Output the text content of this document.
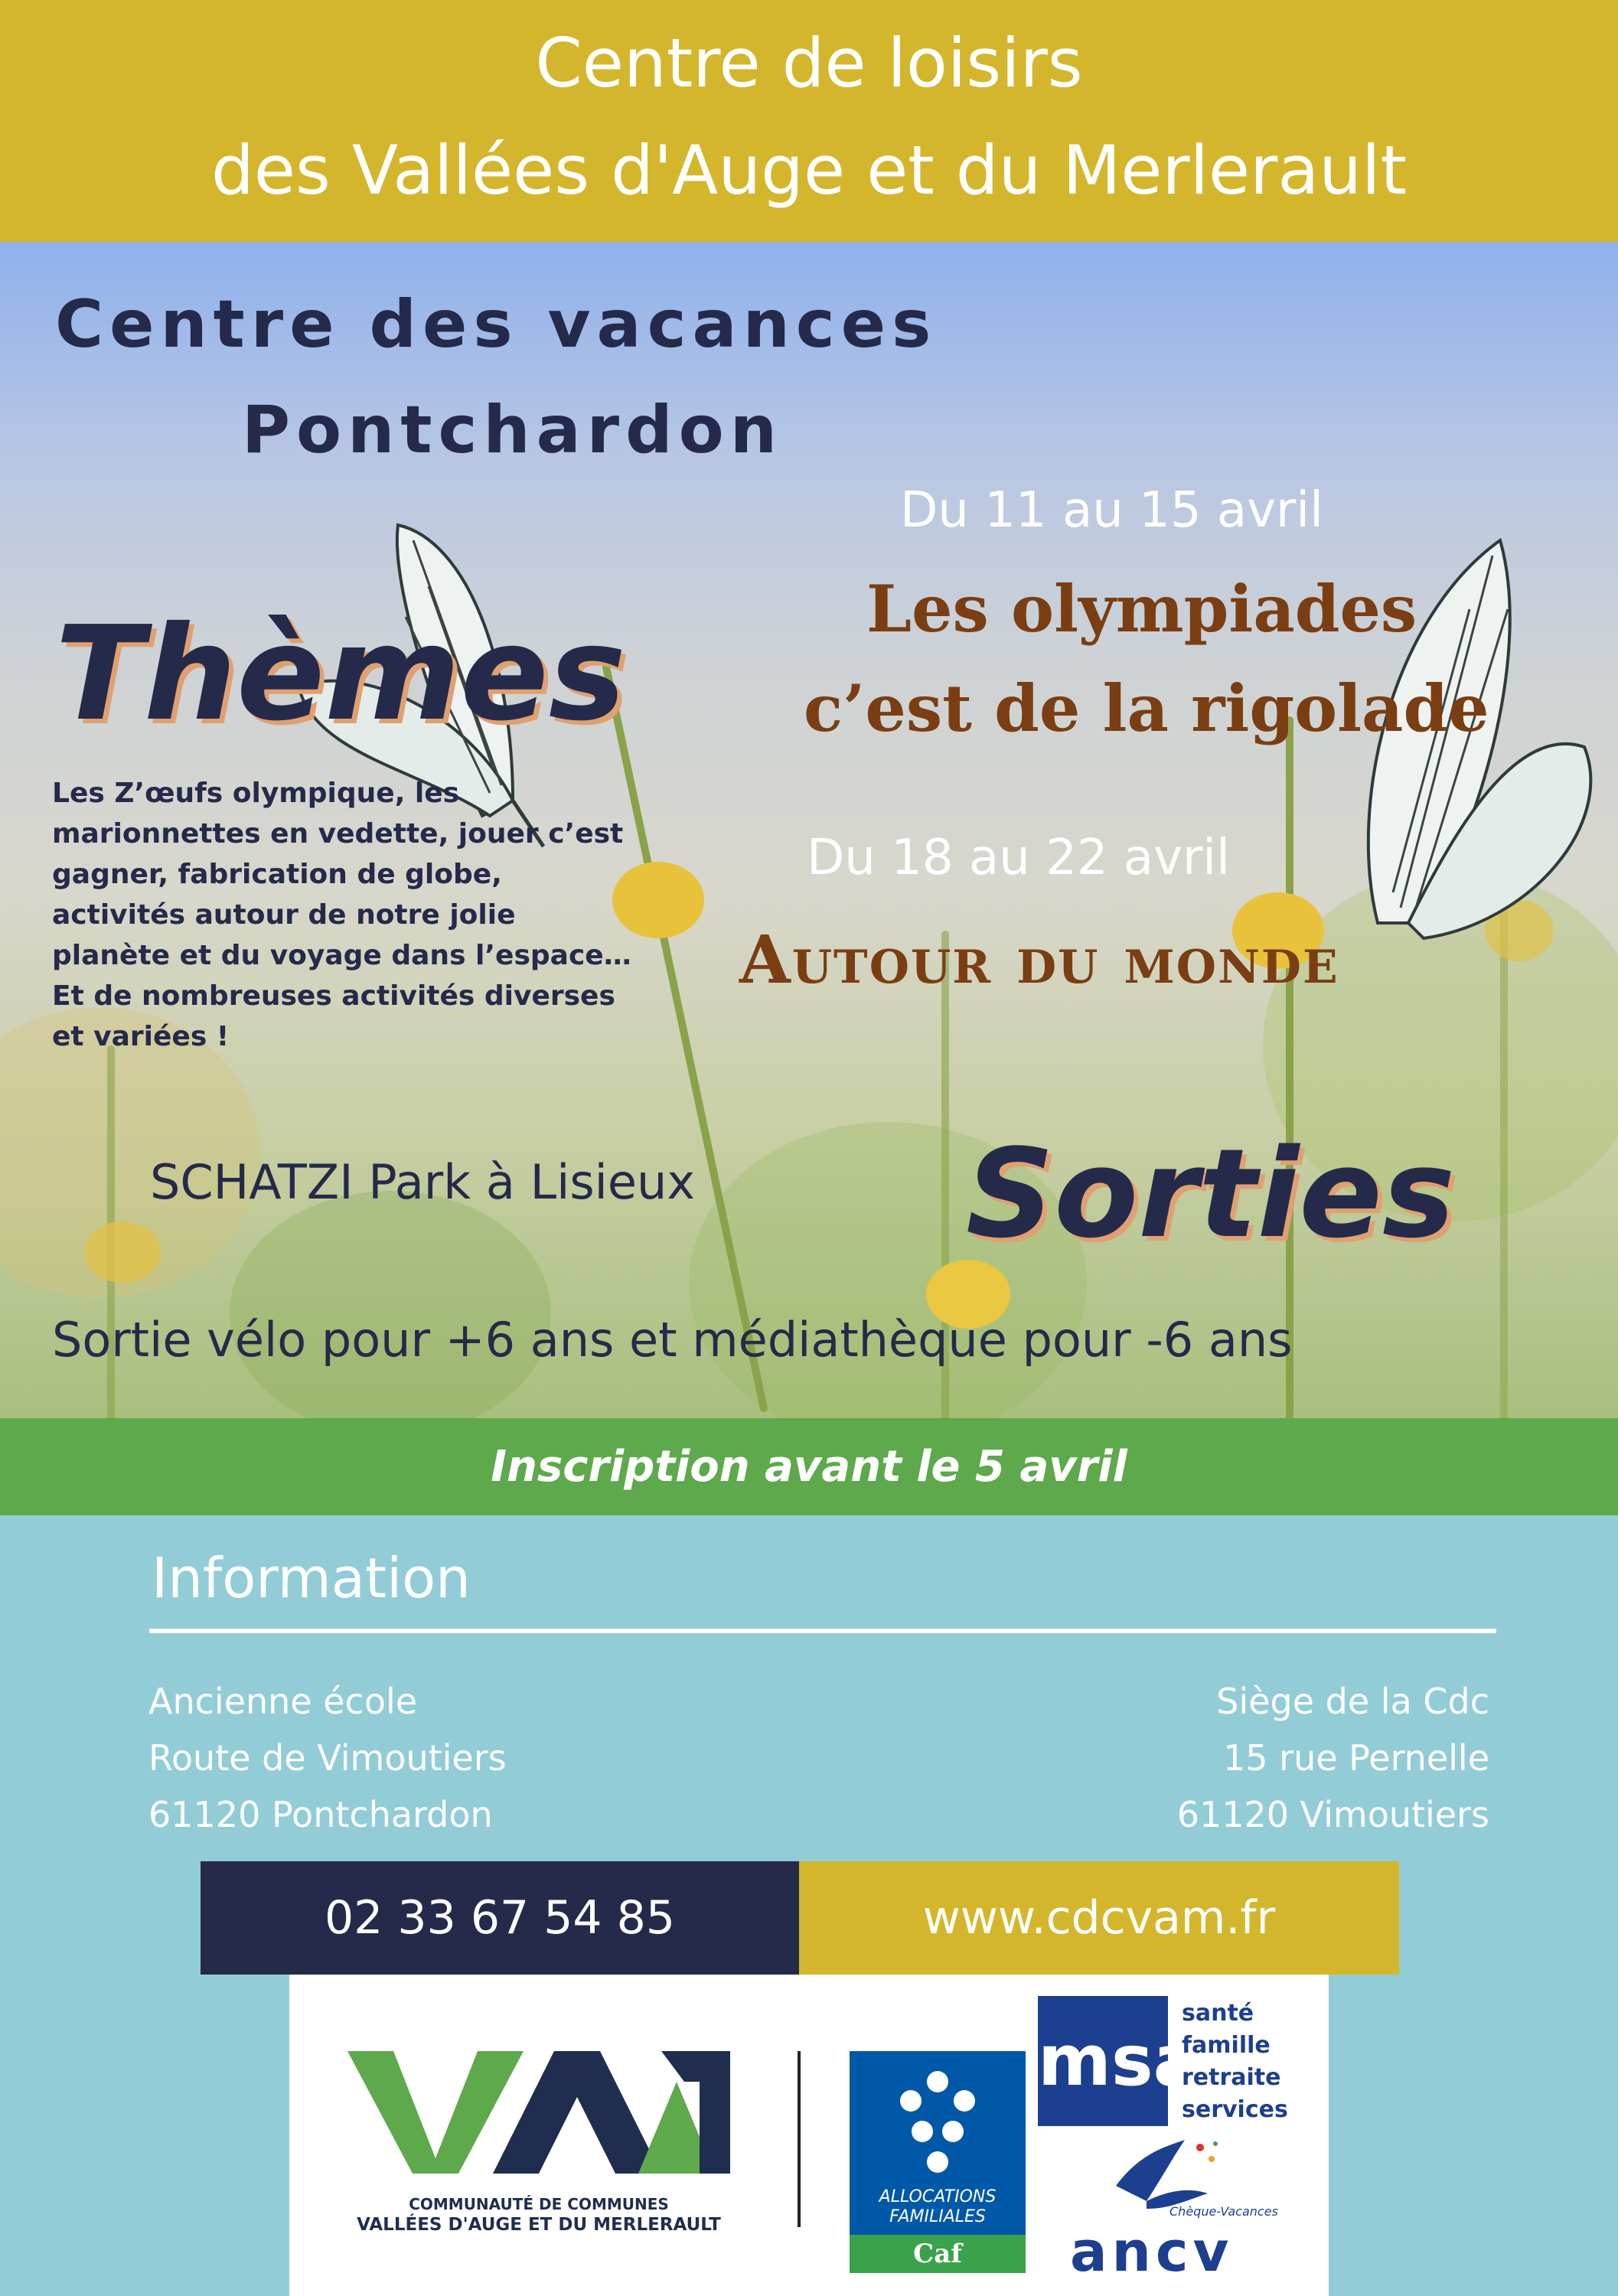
Centre de loisirs
des Vallées d'Auge et du Merlerault
Centre des vacances
Pontchardon
Thèmes
Les Z’œufs olympique, les marionnettes en vedette, jouer c’est gagner, fabrication de globe, activités autour de notre jolie planète et du voyage dans l’espace… Et de nombreuses activités diverses et variées !
Du 11 au 15 avril
Les olympiades
c’est de la rigolade
Du 18 au 22 avril
Autour du monde
SCHATZI Park à Lisieux Sorties
Sortie vélo pour +6 ans et médiathèque pour -6 ans
Inscription avant le 5 avril
Information
Ancienne école
Route de Vimoutiers
61120 Pontchardon
Siège de la Cdc
15 rue Pernelle
61120 Vimoutiers
02 33 67 54 85	www.cdcvam.fr
COMMUNAUTÉ DE COMMUNES
VALLÉES D'AUGE ET DU MERLERAULT
ALLOCATIONS
FAMILIALES
Caf
msa
santé
famille
retraite
services
Chèque-Vacances
ancv
